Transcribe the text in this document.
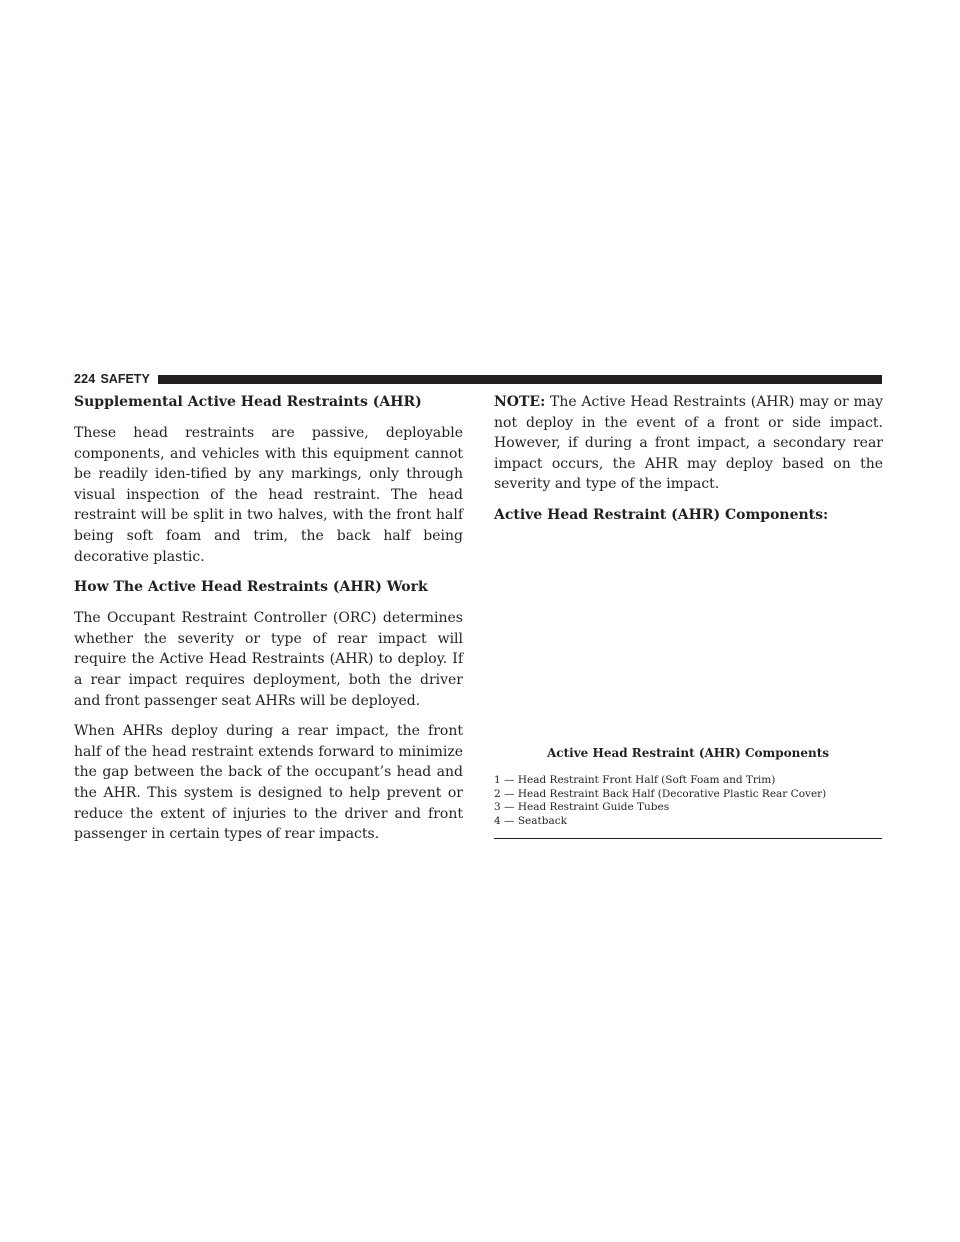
224 SAFETY
Supplemental Active Head Restraints (AHR)

These head restraints are passive, deployable components, and vehicles with this equipment cannot be readily iden-tified by any markings, only through visual inspection of the head restraint. The head restraint will be split in two halves, with the front half being soft foam and trim, the back half being decorative plastic.

How The Active Head Restraints (AHR) Work

The Occupant Restraint Controller (ORC) determines whether the severity or type of rear impact will require the Active Head Restraints (AHR) to deploy. If a rear impact requires deployment, both the driver and front passenger seat AHRs will be deployed.

When AHRs deploy during a rear impact, the front half of the head restraint extends forward to minimize the gap between the back of the occupant’s head and the AHR. This system is designed to help prevent or reduce the extent of injuries to the driver and front passenger in certain types of rear impacts.

NOTE: The Active Head Restraints (AHR) may or may not deploy in the event of a front or side impact. However, if during a front impact, a secondary rear impact occurs, the AHR may deploy based on the severity and type of the impact.

Active Head Restraint (AHR) Components:
Active Head Restraint (AHR) Components
1 — Head Restraint Front Half (Soft Foam and Trim)
2 — Head Restraint Back Half (Decorative Plastic Rear Cover)
3 — Head Restraint Guide Tubes
4 — Seatback
